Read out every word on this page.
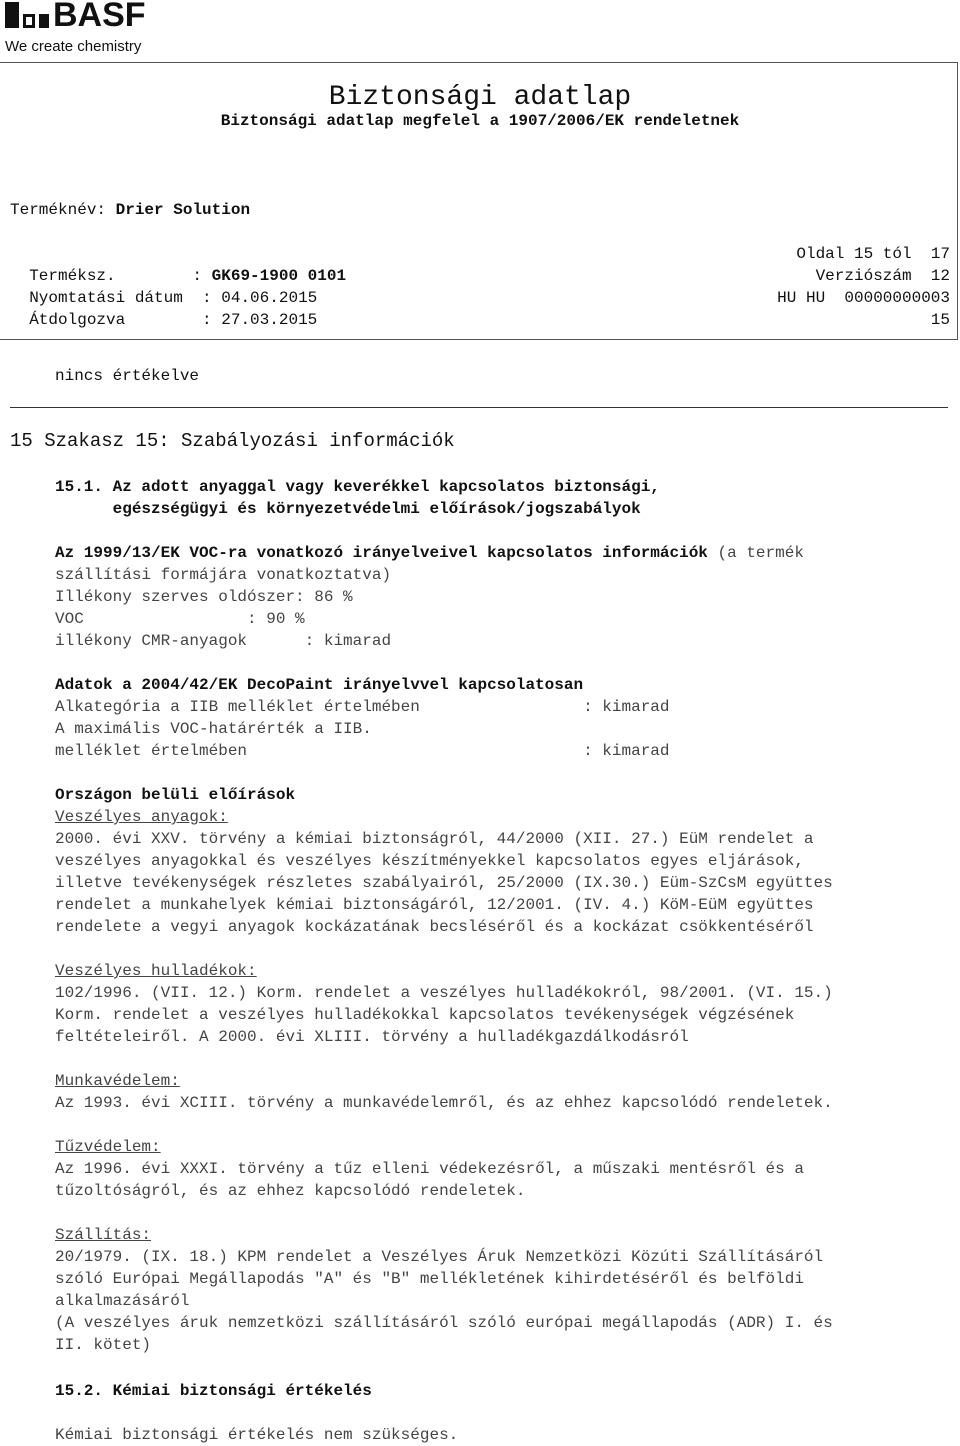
BASF

We create chemistry

Biztonsági adatlap
Biztonsági adatlap megfelel a 1907/2006/EK rendeletnek
Terméknév: Drier Solution

Terméksz.        : GK69-1900 0101

Oldal 15 tól  17

Nyomtatási dátum  : 04.06.2015

Verziószám  12

Átdolgozva        : 27.03.2015

HU HU  00000000003

15

nincs értékelve
15 Szakasz 15: Szabályozási információk
15.1. Az adott anyaggal vagy keverékkel kapcsolatos biztonsági,
egészségügyi és környezetvédelmi előírások/jogszabályok
Az 1999/13/EK VOC-ra vonatkozó irányelveivel kapcsolatos információk (a termék
szállítási formájára vonatkoztatva)
Illékony szerves oldószer: 86 %
VOC                 : 90 %
illékony CMR-anyagok      : kimarad
Adatok a 2004/42/EK DecoPaint irányelvvel kapcsolatosan
Alkategória a IIB melléklet értelmében                 : kimarad
A maximális VOC-határérték a IIB.
melléklet értelmében                                   : kimarad
Országon belüli előírások
Veszélyes anyagok:
2000. évi XXV. törvény a kémiai biztonságról, 44/2000 (XII. 27.) EüM rendelet a
veszélyes anyagokkal és veszélyes készítményekkel kapcsolatos egyes eljárások,
illetve tevékenységek részletes szabályairól, 25/2000 (IX.30.) Eüm-SzCsM együttes
rendelet a munkahelyek kémiai biztonságáról, 12/2001. (IV. 4.) KöM-EüM együttes
rendelete a vegyi anyagok kockázatának becsléséről és a kockázat csökkentéséről
Veszélyes hulladékok:
102/1996. (VII. 12.) Korm. rendelet a veszélyes hulladékokról, 98/2001. (VI. 15.)
Korm. rendelet a veszélyes hulladékokkal kapcsolatos tevékenységek végzésének
feltételeiről. A 2000. évi XLIII. törvény a hulladékgazdálkodásról
Munkavédelem:
Az 1993. évi XCIII. törvény a munkavédelemről, és az ehhez kapcsolódó rendeletek.
Tűzvédelem:
Az 1996. évi XXXI. törvény a tűz elleni védekezésről, a műszaki mentésről és a
tűzoltóságról, és az ehhez kapcsolódó rendeletek.
Szállítás:
20/1979. (IX. 18.) KPM rendelet a Veszélyes Áruk Nemzetközi Közúti Szállításáról
szóló Európai Megállapodás "A" és "B" mellékletének kihirdetéséről és belföldi
alkalmazásáról
(A veszélyes áruk nemzetközi szállításáról szóló európai megállapodás (ADR) I. és
II. kötet)
15.2. Kémiai biztonsági értékelés
Kémiai biztonsági értékelés nem szükséges.
